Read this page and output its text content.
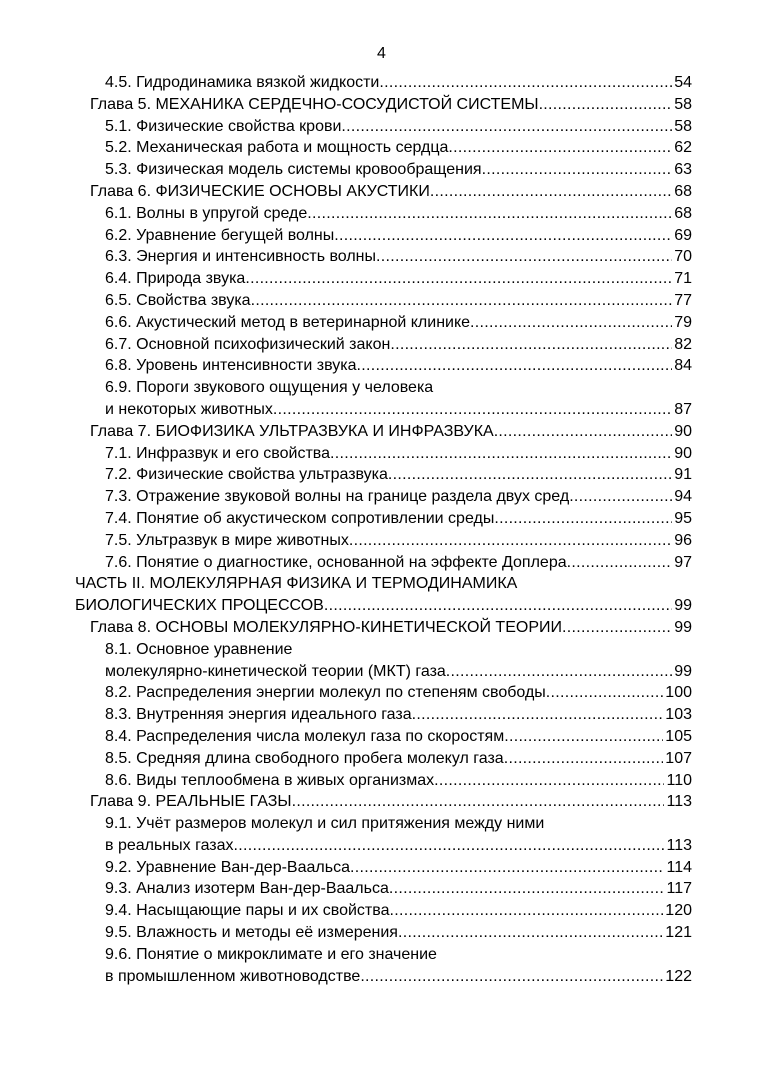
4
4.5. Гидродинамика вязкой жидкости .....	54
Глава 5. МЕХАНИКА СЕРДЕЧНО-СОСУДИСТОЙ СИСТЕМЫ .....	58
5.1. Физические свойства крови .....	58
5.2. Механическая работа и мощность сердца .....	62
5.3. Физическая модель системы кровообращения .....	63
Глава 6. ФИЗИЧЕСКИЕ ОСНОВЫ АКУСТИКИ .....	68
6.1. Волны в упругой среде .....	68
6.2. Уравнение бегущей волны .....	69
6.3. Энергия и интенсивность волны .....	70
6.4. Природа звука .....	71
6.5. Свойства звука .....	77
6.6. Акустический метод в ветеринарной клинике .....	79
6.7. Основной психофизический закон .....	82
6.8. Уровень интенсивности звука .....	84
6.9. Пороги звукового ощущения у человека
и некоторых животных .....	87
Глава 7. БИОФИЗИКА УЛЬТРАЗВУКА И ИНФРАЗВУКА .....	90
7.1. Инфразвук и его свойства .....	90
7.2. Физические свойства ультразвука .....	91
7.3. Отражение звуковой волны на границе раздела двух сред .....	94
7.4. Понятие об акустическом сопротивлении среды .....	95
7.5. Ультразвук в мире животных .....	96
7.6. Понятие о диагностике, основанной на эффекте Доплера .....	97
ЧАСТЬ II. МОЛЕКУЛЯРНАЯ ФИЗИКА И ТЕРМОДИНАМИКА
БИОЛОГИЧЕСКИХ ПРОЦЕССОВ .....	99
Глава 8. ОСНОВЫ МОЛЕКУЛЯРНО-КИНЕТИЧЕСКОЙ ТЕОРИИ .....	99
8.1. Основное уравнение
молекулярно-кинетической теории (МКТ) газа .....	99
8.2. Распределения энергии молекул по степеням свободы .....	100
8.3. Внутренняя энергия идеального газа .....	103
8.4. Распределения числа молекул газа по скоростям .....	105
8.5. Средняя длина свободного пробега молекул газа .....	107
8.6. Виды теплообмена в живых организмах .....	110
Глава 9. РЕАЛЬНЫЕ ГАЗЫ .....	113
9.1. Учёт размеров молекул и сил притяжения между ними
в реальных газах .....	113
9.2. Уравнение Ван-дер-Ваальса .....	114
9.3. Анализ изотерм Ван-дер-Ваальса .....	117
9.4. Насыщающие пары и их свойства .....	120
9.5. Влажность и методы её измерения .....	121
9.6. Понятие о микроклимате и его значение
в промышленном животноводстве .....	122
